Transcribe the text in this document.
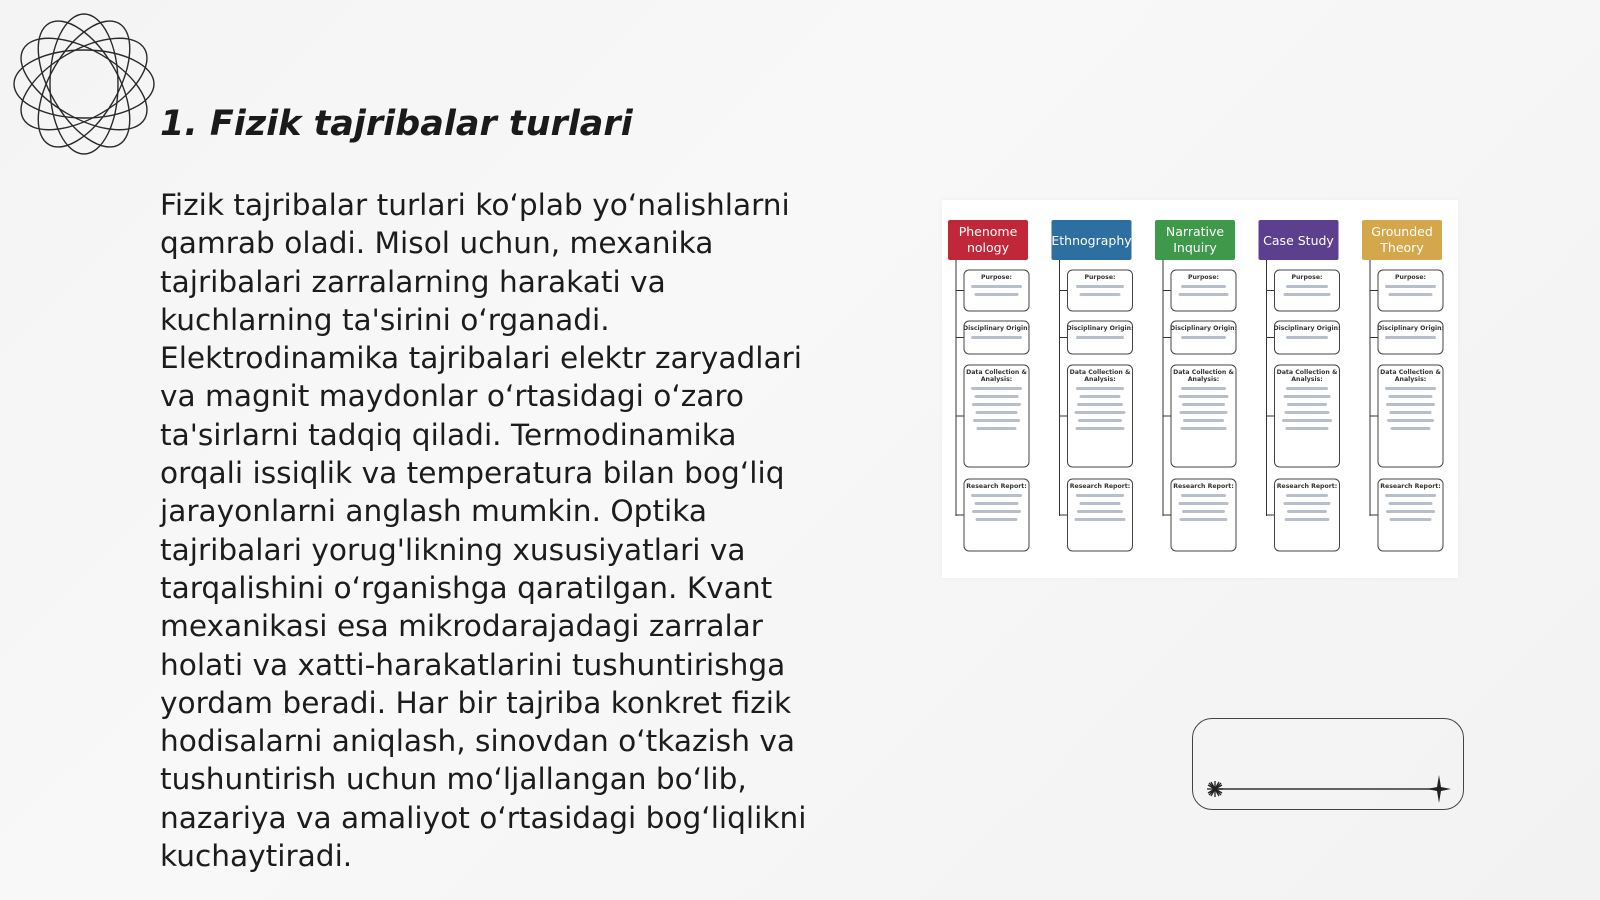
1. Fizik tajribalar turlari

Fizik tajribalar turlari ko‘plab yo‘nalishlarni qamrab oladi. Misol uchun, mexanika tajribalari zarralarning harakati va kuchlarning ta'sirini o‘rganadi. Elektrodinamika tajribalari elektr zaryadlari va magnit maydonlar o‘rtasidagi o‘zaro ta'sirlarni tadqiq qiladi. Termodinamika orqali issiqlik va temperatura bilan bog‘liq jarayonlarni anglash mumkin. Optika tajribalari yorug'likning xususiyatlari va tarqalishini o‘rganishga qaratilgan. Kvant mexanikasi esa mikrodarajadagi zarralar holati va xatti-harakatlarini tushuntirishga yordam beradi. Har bir tajriba konkret fizik hodisalarni aniqlash, sinovdan o‘tkazish va tushuntirish uchun mo‘ljallangan bo‘lib, nazariya va amaliyot o‘rtasidagi bog‘liqlikni kuchaytiradi.

Phenome
nology
Purpose:
Disciplinary Origin:
Data Collection &
Analysis:
Research Report:
Ethnography
Purpose:
Disciplinary Origin:
Data Collection &
Analysis:
Research Report:
Narrative
Inquiry
Purpose:
Disciplinary Origin:
Data Collection &
Analysis:
Research Report:
Case Study
Purpose:
Disciplinary Origin:
Data Collection &
Analysis:
Research Report:
Grounded
Theory
Purpose:
Disciplinary Origin:
Data Collection &
Analysis:
Research Report:
